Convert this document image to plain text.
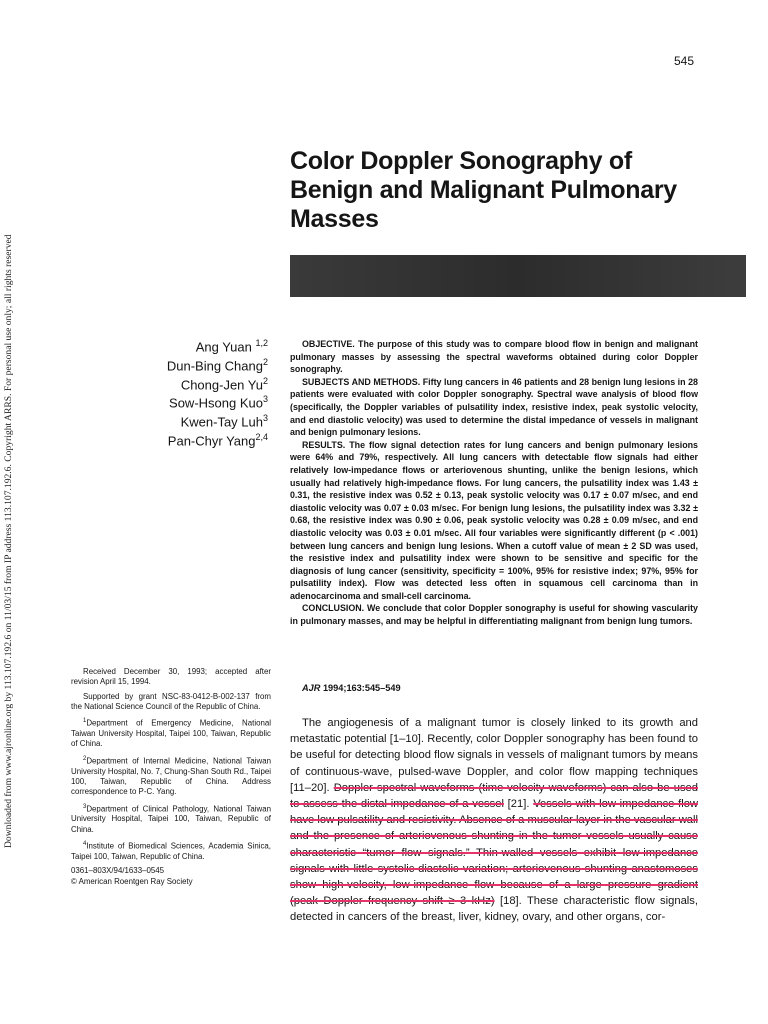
Downloaded from www.ajronline.org by 113.107.192.6 on 11/03/15 from IP address 113.107.192.6. Copyright ARRS. For personal use only; all rights reserved
545
Color Doppler Sonography of
Benign and Malignant Pulmonary
Masses
Ang Yuan $^{1,2}$
Dun-Bing Chang$^2$
Chong-Jen Yu$^2$
Sow-Hsong Kuo$^3$
Kwen-Tay Luh$^3$
Pan-Chyr Yang$^{2,4}$

OBJECTIVE. The purpose of this study was to compare blood flow in benign and malignant pulmonary masses by assessing the spectral waveforms obtained during color Doppler sonography.

SUBJECTS AND METHODS. Fifty lung cancers in 46 patients and 28 benign lung lesions in 28 patients were evaluated with color Doppler sonography. Spectral wave analysis of blood flow (specifically, the Doppler variables of pulsatility index, resistive index, peak systolic velocity, and end diastolic velocity) was used to determine the distal impedance of vessels in malignant and benign pulmonary lesions.

RESULTS. The flow signal detection rates for lung cancers and benign pulmonary lesions were 64% and 79%, respectively. All lung cancers with detectable flow signals had either relatively low-impedance flows or arteriovenous shunting, unlike the benign lesions, which usually had relatively high-impedance flows. For lung cancers, the pulsatility index was 1.43 ± 0.31, the resistive index was 0.52 ± 0.13, peak systolic velocity was 0.17 ± 0.07 m/sec, and end diastolic velocity was 0.07 ± 0.03 m/sec. For benign lung lesions, the pulsatility index was 3.32 ± 0.68, the resistive index was 0.90 ± 0.06, peak systolic velocity was 0.28 ± 0.09 m/sec, and end diastolic velocity was 0.03 ± 0.01 m/sec. All four variables were significantly different (p < .001) between lung cancers and benign lung lesions. When a cutoff value of mean ± 2 SD was used, the resistive index and pulsatility index were shown to be sensitive and specific for the diagnosis of lung cancer (sensitivity, specificity = 100%, 95% for resistive index; 97%, 95% for pulsatility index). Flow was detected less often in squamous cell carcinoma than in adenocarcinoma and small-cell carcinoma.

CONCLUSION. We conclude that color Doppler sonography is useful for showing vascularity in pulmonary masses, and may be helpful in differentiating malignant from benign lung tumors.

AJR 1994;163:545–549

Received December 30, 1993; accepted after revision April 15, 1994.

Supported by grant NSC-83-0412-B-002-137 from the National Science Council of the Republic of China.

$^1$Department of Emergency Medicine, National Taiwan University Hospital, Taipei 100, Taiwan, Republic of China.

$^2$Department of Internal Medicine, National Taiwan University Hospital, No. 7, Chung-Shan South Rd., Taipei 100, Taiwan, Republic of China. Address correspondence to P-C. Yang.

$^3$Department of Clinical Pathology, National Taiwan University Hospital, Taipei 100, Taiwan, Republic of China.

$^4$Institute of Biomedical Sciences, Academia Sinica, Taipei 100, Taiwan, Republic of China.

0361–803X/94/1633–0545

© American Roentgen Ray Society

The angiogenesis of a malignant tumor is closely linked to its growth and metastatic potential [1–10]. Recently, color Doppler sonography has been found to be useful for detecting blood flow signals in vessels of malignant tumors by means of continuous-wave, pulsed-wave Doppler, and color flow mapping techniques [11–20]. Doppler spectral waveforms (time-velocity waveforms) can also be used to assess the distal impedance of a vessel [21]. Vessels with low-impedance flow have low pulsatility and resistivity. Absence of a muscular layer in the vascular wall and the presence of arteriovenous shunting in the tumor vessels usually cause characteristic “tumor flow signals.” Thin-walled vessels exhibit low-impedance signals with little systolic-diastolic variation; arteriovenous shunting anastomoses show high-velocity, low-impedance flow because of a large pressure gradient (peak Doppler frequency shift ≥ 3 kHz) [18]. These characteristic flow signals, detected in cancers of the breast, liver, kidney, ovary, and other organs, cor-
